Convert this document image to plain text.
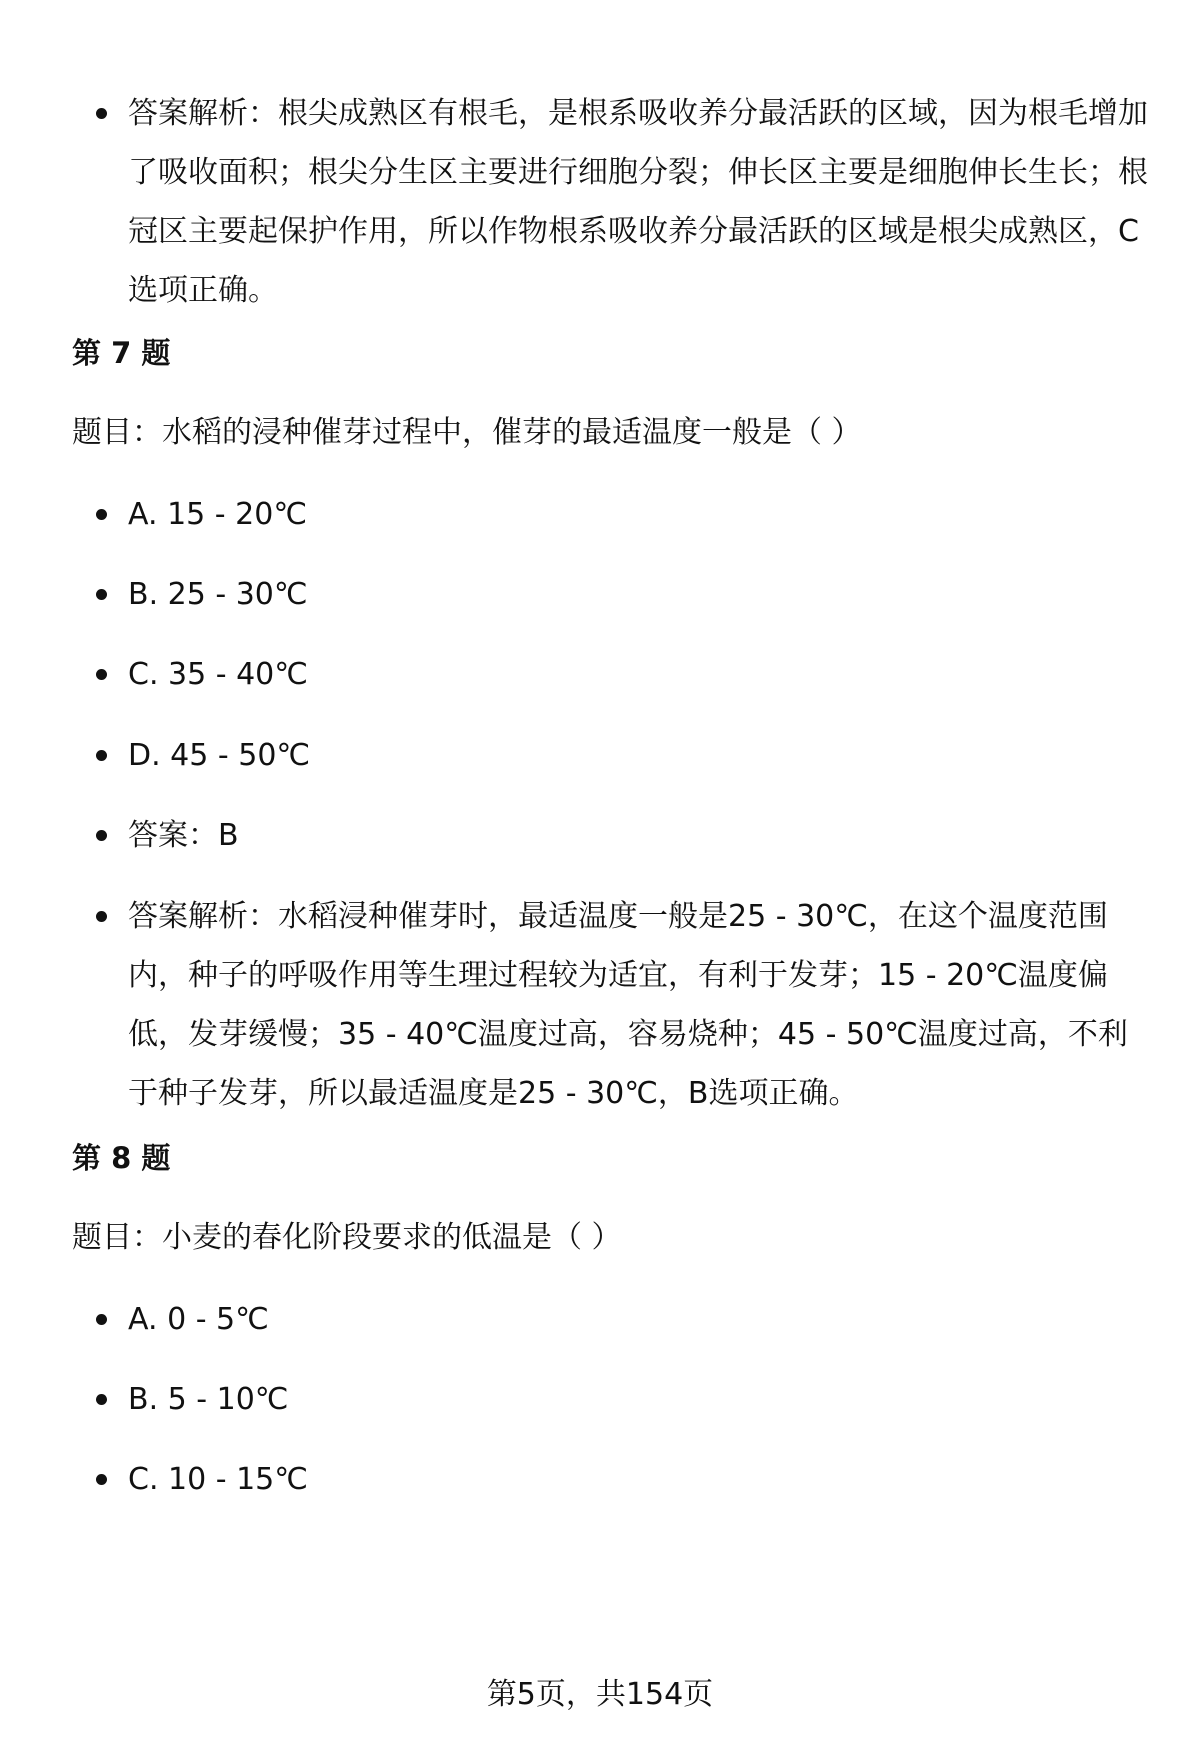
答案解析：根尖成熟区有根毛，是根系吸收养分最活跃的区域，因为根毛增加了吸收面积；根尖分生区主要进行细胞分裂；伸长区主要是细胞伸长生长；根冠区主要起保护作用，所以作物根系吸收养分最活跃的区域是根尖成熟区，C选项正确。
第 7 题
题目：水稻的浸种催芽过程中，催芽的最适温度一般是（ ）
A. 15 - 20℃
B. 25 - 30℃
C. 35 - 40℃
D. 45 - 50℃
答案：B
答案解析：水稻浸种催芽时，最适温度一般是25 - 30℃，在这个温度范围内，种子的呼吸作用等生理过程较为适宜，有利于发芽；15 - 20℃温度偏低，发芽缓慢；35 - 40℃温度过高，容易烧种；45 - 50℃温度过高，不利于种子发芽，所以最适温度是25 - 30℃，B选项正确。
第 8 题
题目：小麦的春化阶段要求的低温是（ ）
A. 0 - 5℃
B. 5 - 10℃
C. 10 - 15℃
第5页，共154页
